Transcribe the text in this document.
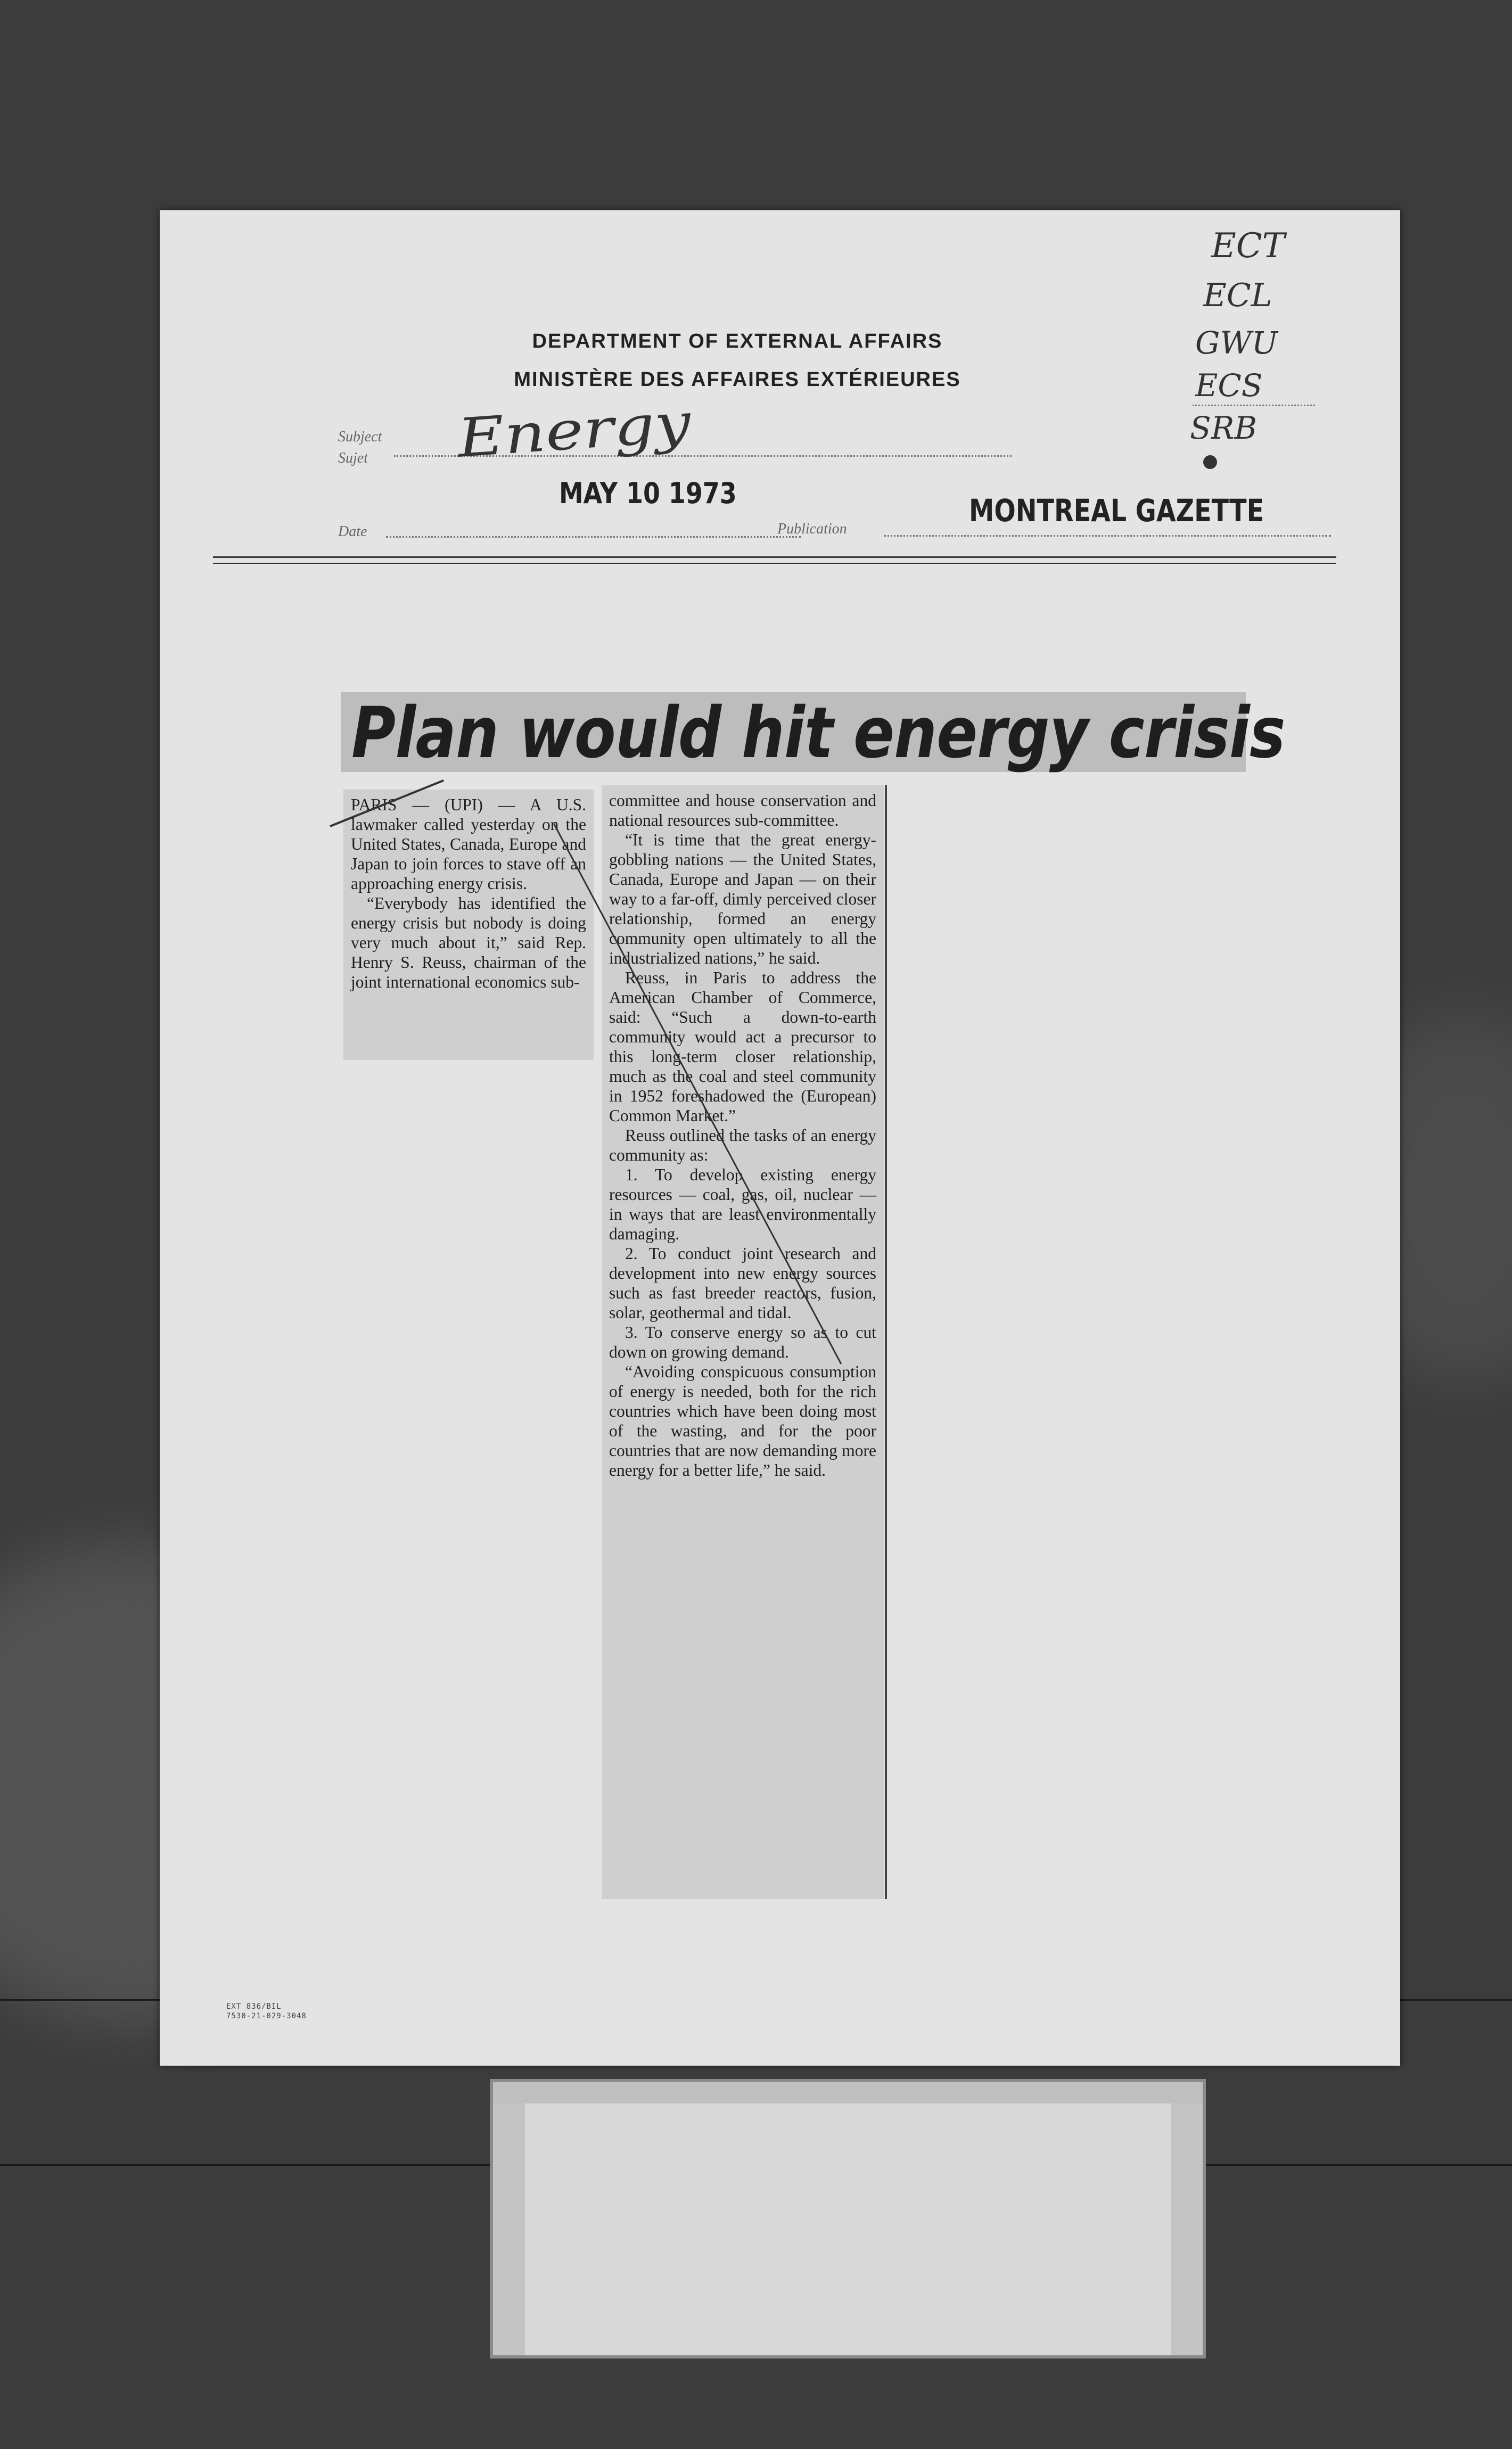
DEPARTMENT OF EXTERNAL AFFAIRS
MINISTÈRE DES AFFAIRES EXTÉRIEURES
ECT
ECL
GWU
ECS
SRB
Subject
Sujet Energy
MAY 10 1973	MONTREAL GAZETTE
Date	Publication
Plan would hit energy crisis

PARIS — (UPI) — A U.S. lawmaker called yesterday on the United States, Canada, Europe and Japan to join forces to stave off an approaching energy crisis.

“Everybody has identified the energy crisis but nobody is doing very much about it,” said Rep. Henry S. Reuss, chairman of the joint international economics sub-

committee and house conservation and national resources sub-committee.

“It is time that the great energy-gobbling nations — the United States, Canada, Europe and Japan — on their way to a far-off, dimly perceived closer relationship, formed an energy community open ultimately to all the industrialized nations,” he said.

Reuss, in Paris to address the American Chamber of Commerce, said: “Such a down-to-earth community would act a precursor to this long-term closer relationship, much as the coal and steel community in 1952 foreshadowed the (European) Common Market.”

Reuss outlined the tasks of an energy community as:

1. To develop existing energy resources — coal, gas, oil, nuclear — in ways that are least environmentally damaging.

2. To conduct joint research and development into new energy sources such as fast breeder reactors, fusion, solar, geothermal and tidal.

3. To conserve energy so as to cut down on growing demand.

“Avoiding conspicuous consumption of energy is needed, both for the rich countries which have been doing most of the wasting, and for the poor countries that are now demanding more energy for a better life,” he said.

EXT 836/BIL
7530-21-029-3048
